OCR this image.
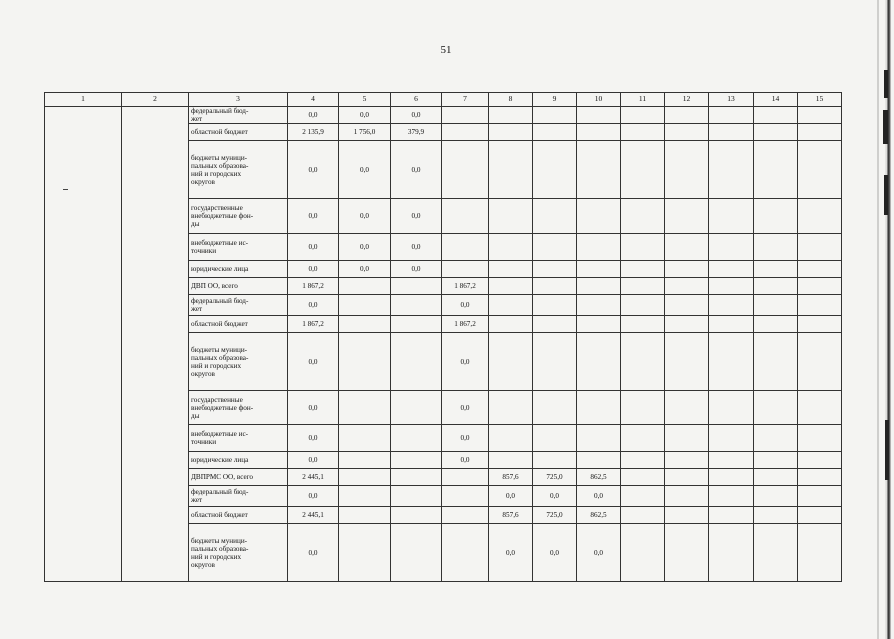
51
1	2	3	4	5	6	7	8	9	10	11	12	13	14	15
		федеральный бюд-
жет	0,0	0,0	0,0									
		областной бюджет	2 135,9	1 756,0	379,9									
		бюджеты муници-
пальных образова-
ний и городских
округов	0,0	0,0	0,0									
		государственные
внебюджетные фон-
ды	0,0	0,0	0,0									
		внебюджетные ис-
точники	0,0	0,0	0,0									
		юридические лица	0,0	0,0	0,0									
		ДВП ОО, всего	1 867,2			1 867,2								
		федеральный бюд-
жет	0,0			0,0								
		областной бюджет	1 867,2			1 867,2								
		бюджеты муници-
пальных образова-
ний и городских
округов	0,0			0,0								
		государственные
внебюджетные фон-
ды	0,0			0,0								
		внебюджетные ис-
точники	0,0			0,0								
		юридические лица	0,0			0,0								
		ДВПРМС ОО, всего	2 445,1				857,6	725,0	862,5					
		федеральный бюд-
жет	0,0				0,0	0,0	0,0					
		областной бюджет	2 445,1				857,6	725,0	862,5					
		бюджеты муници-
пальных образова-
ний и городских
округов	0,0				0,0	0,0	0,0					
